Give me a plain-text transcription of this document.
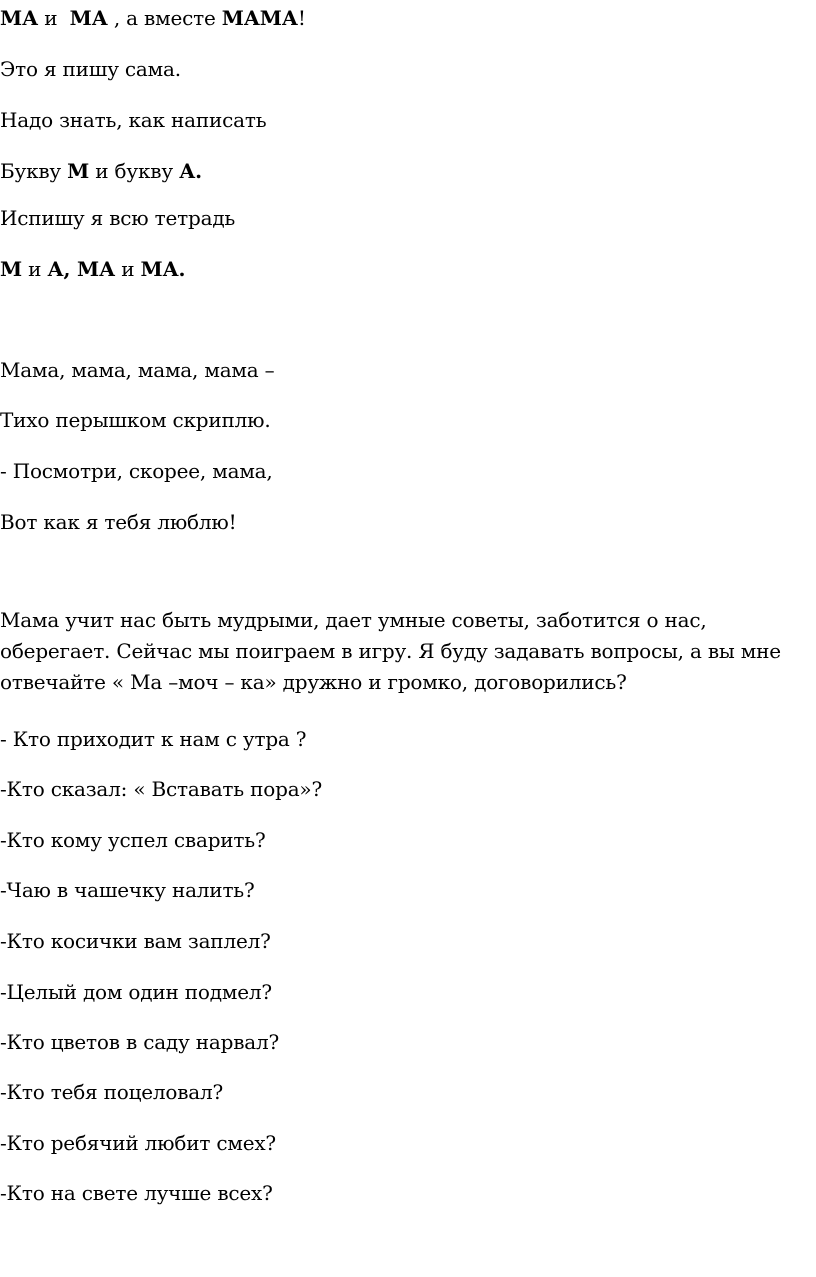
МА и  МА , а вместе МАМА!
Это я пишу сама.
Надо знать, как написать
Букву М и букву А.
Испишу я всю тетрадь
М и А, МА и МА.
Мама, мама, мама, мама –
Тихо перышком скриплю.
- Посмотри, скорее, мама,
Вот как я тебя люблю!
Мама учит нас быть мудрыми, дает умные советы, заботится о нас, оберегает. Сейчас мы поиграем в игру. Я буду задавать вопросы, а вы мне отвечайте « Ма –моч – ка» дружно и громко, договорились?
- Кто приходит к нам с утра ?
-Кто сказал: « Вставать пора»?
-Кто кому успел сварить?
-Чаю в чашечку налить?
-Кто косички вам заплел?
-Целый дом один подмел?
-Кто цветов в саду нарвал?
-Кто тебя поцеловал?
-Кто ребячий любит смех?
-Кто на свете лучше всех?
